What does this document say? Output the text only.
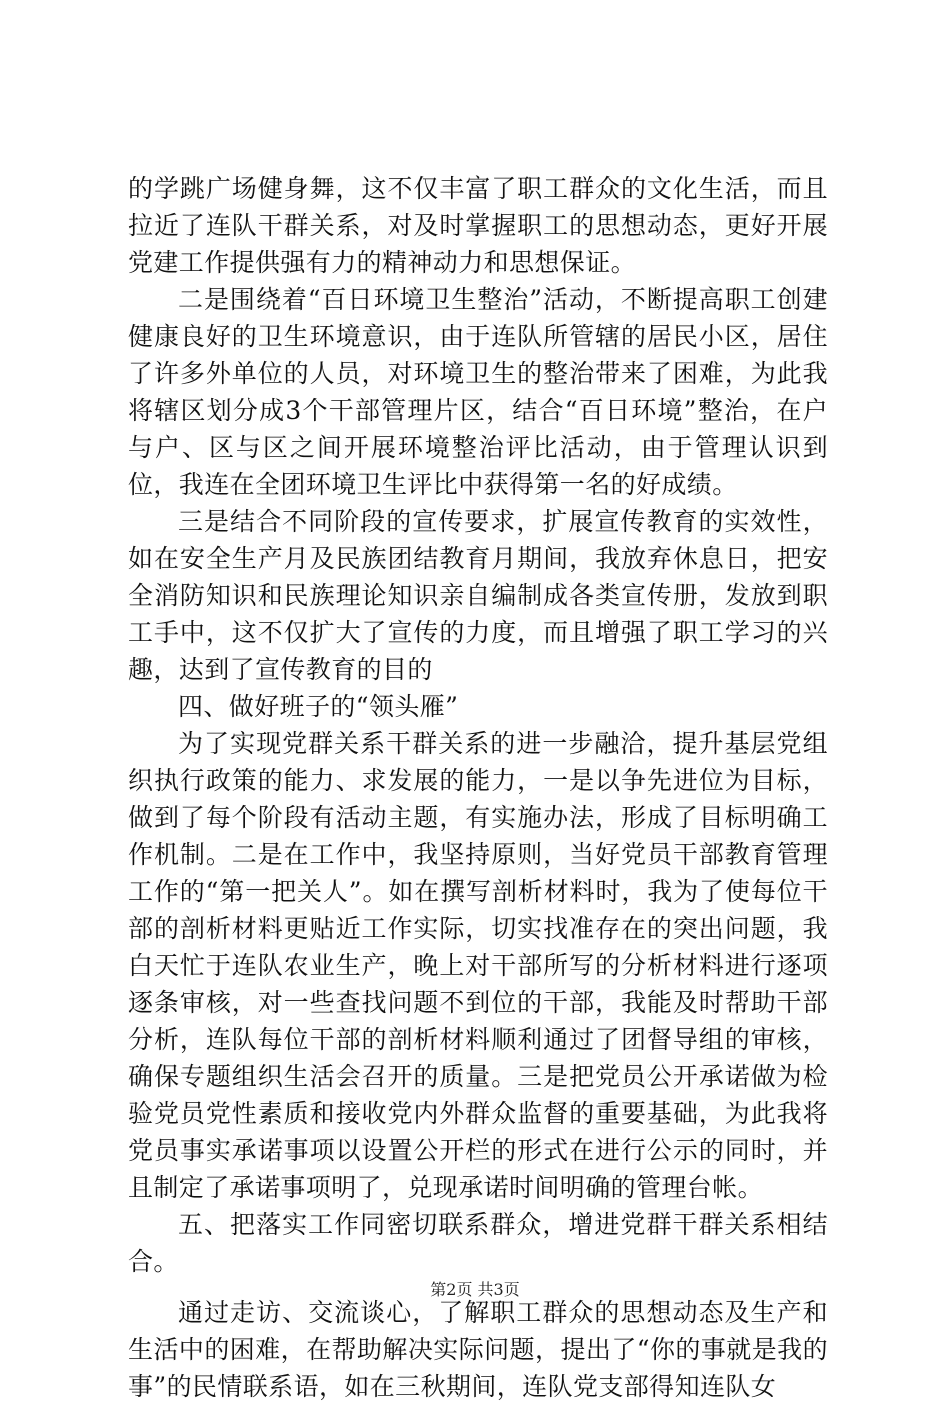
的学跳广场健身舞，这不仅丰富了职工群众的文化生活，而且拉近了连队干群关系，对及时掌握职工的思想动态，更好开展党建工作提供强有力的精神动力和思想保证。

二是围绕着“百日环境卫生整治”活动，不断提高职工创建健康良好的卫生环境意识，由于连队所管辖的居民小区，居住了许多外单位的人员，对环境卫生的整治带来了困难，为此我将辖区划分成3个干部管理片区，结合“百日环境”整治，在户与户、区与区之间开展环境整治评比活动，由于管理认识到位，我连在全团环境卫生评比中获得第一名的好成绩。

三是结合不同阶段的宣传要求，扩展宣传教育的实效性，如在安全生产月及民族团结教育月期间，我放弃休息日，把安全消防知识和民族理论知识亲自编制成各类宣传册，发放到职工手中，这不仅扩大了宣传的力度，而且增强了职工学习的兴趣，达到了宣传教育的目的

四、做好班子的“领头雁”

为了实现党群关系干群关系的进一步融洽，提升基层党组织执行政策的能力、求发展的能力，一是以争先进位为目标，做到了每个阶段有活动主题，有实施办法，形成了目标明确工作机制。二是在工作中，我坚持原则，当好党员干部教育管理工作的“第一把关人”。如在撰写剖析材料时，我为了使每位干部的剖析材料更贴近工作实际，切实找准存在的突出问题，我白天忙于连队农业生产，晚上对干部所写的分析材料进行逐项逐条审核，对一些查找问题不到位的干部，我能及时帮助干部分析，连队每位干部的剖析材料顺利通过了团督导组的审核，确保专题组织生活会召开的质量。三是把党员公开承诺做为检验党员党性素质和接收党内外群众监督的重要基础，为此我将党员事实承诺事项以设置公开栏的形式在进行公示的同时，并且制定了承诺事项明了，兑现承诺时间明确的管理台帐。

五、把落实工作同密切联系群众，增进党群干群关系相结合。

通过走访、交流谈心，了解职工群众的思想动态及生产和生活中的困难，在帮助解决实际问题，提出了“你的事就是我的事”的民情联系语，如在三秋期间，连队党支部得知连队女

第2页 共3页
